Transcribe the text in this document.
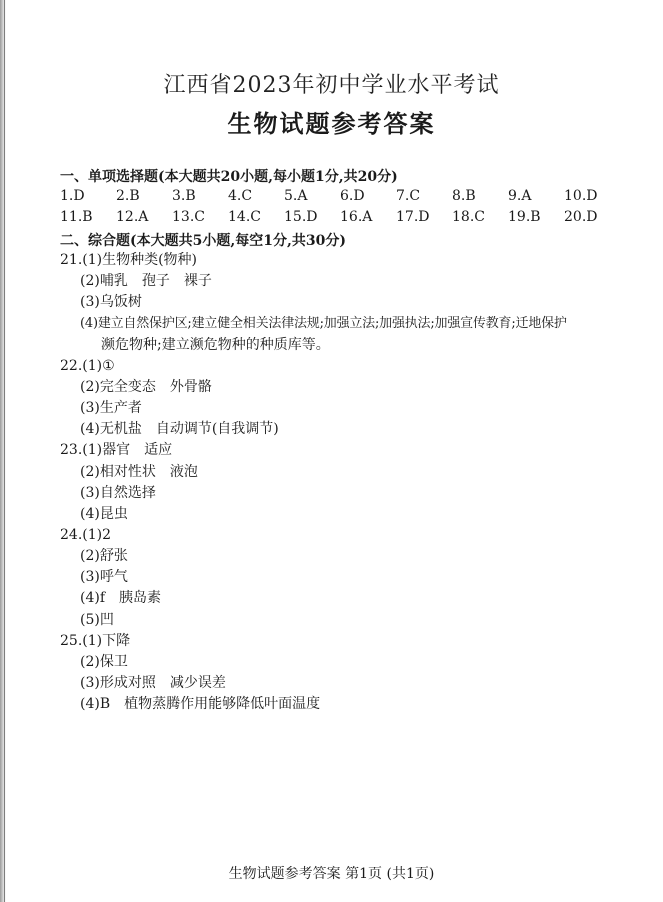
江西省2023年初中学业水平考试
生物试题参考答案
一、单项选择题(本大题共20小题,每小题1分,共20分)
1.D 2.B 3.B 4.C 5.A 6.D 7.C 8.B 9.A 10.D
11.B 12.A 13.C 14.C 15.D 16.A 17.D 18.C 19.B 20.D
二、综合题(本大题共5小题,每空1分,共30分)
21.(1)生物种类(物种)
(2)哺乳　孢子　裸子
(3)乌饭树
(4)建立自然保护区;建立健全相关法律法规;加强立法;加强执法;加强宣传教育;迁地保护
濒危物种;建立濒危物种的种质库等。
22.(1)①
(2)完全变态　外骨骼
(3)生产者
(4)无机盐　自动调节(自我调节)
23.(1)器官　适应
(2)相对性状　液泡
(3)自然选择
(4)昆虫
24.(1)2
(2)舒张
(3)呼气
(4)f　胰岛素
(5)凹
25.(1)下降
(2)保卫
(3)形成对照　减少误差
(4)B　植物蒸腾作用能够降低叶面温度
生物试题参考答案 第1页 (共1页)
